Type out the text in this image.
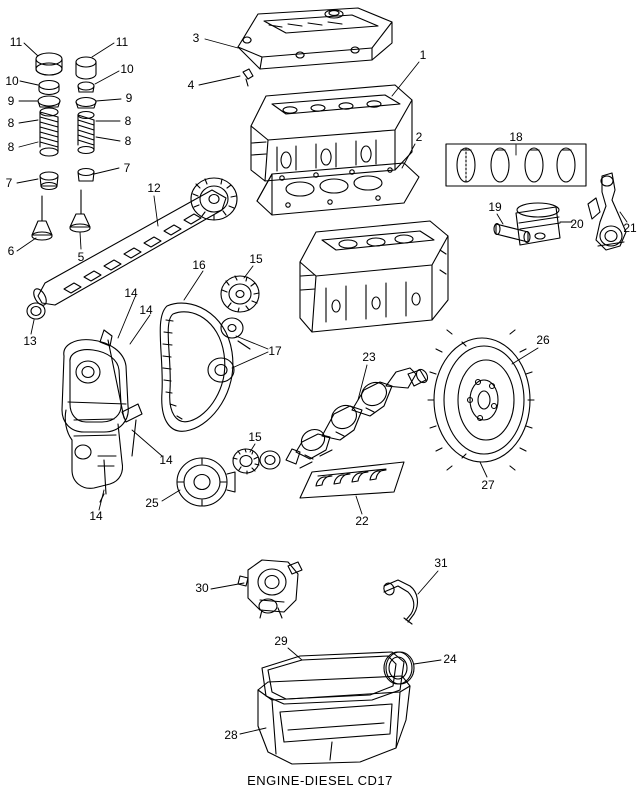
11	11
10
10
9	9
8	8
8	8
7
7
6	5
3
4
1
2	18
19
20	21
12
13
16	15
17
14
14
14
14
15
25
23
22
26
27
30
31
29
24
28
ENGINE-DIESEL CD17
